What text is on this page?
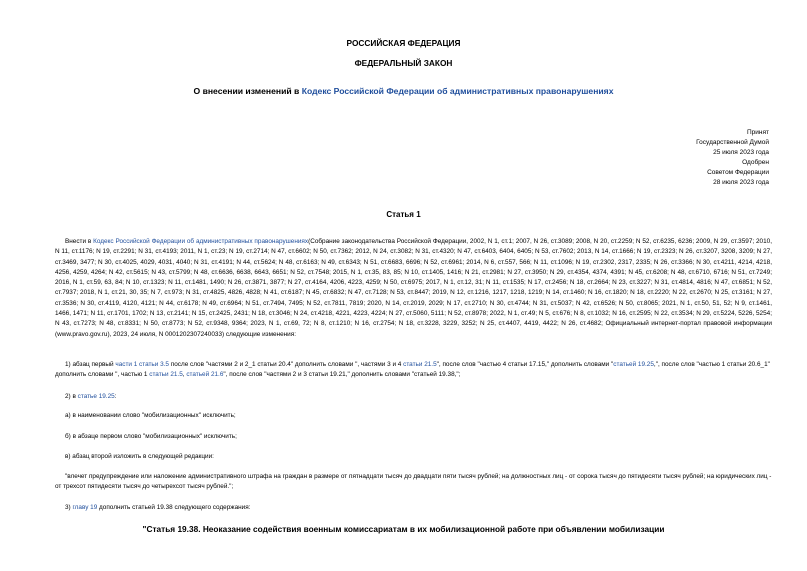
РОССИЙСКАЯ ФЕДЕРАЦИЯ
ФЕДЕРАЛЬНЫЙ ЗАКОН
О внесении изменений в Кодекс Российской Федерации об административных правонарушениях
Принят
Государственной Думой
25 июля 2023 года
Одобрен
Советом Федерации
28 июля 2023 года
Статья 1
Внести в Кодекс Российской Федерации об административных правонарушениях(Собрание законодательства Российской Федерации, 2002, N 1, ст.1; 2007, N 26, ст.3089; 2008, N 20, ст.2259; N 52, ст.6235, 6236; 2009, N 29, ст.3597; 2010, N 11, ст.1176; N 19, ст.2291; N 31, ст.4193; 2011, N 1, ст.23; N 19, ст.2714; N 47, ст.6602; N 50, ст.7362; 2012, N 24, ст.3082; N 31, ст.4320; N 47, ст.6403, 6404, 6405; N 53, ст.7602; 2013, N 14, ст.1666; N 19, ст.2323; N 26, ст.3207, 3208, 3209; N 27, ст.3469, 3477; N 30, ст.4025, 4029, 4031, 4040; N 31, ст.4191; N 44, ст.5624; N 48, ст.6163; N 49, ст.6343; N 51, ст.6683, 6696; N 52, ст.6961; 2014, N 6, ст.557, 566; N 11, ст.1096; N 19, ст.2302, 2317, 2335; N 26, ст.3366; N 30, ст.4211, 4214, 4218, 4256, 4259, 4264; N 42, ст.5615; N 43, ст.5799; N 48, ст.6636, 6638, 6643, 6651; N 52, ст.7548; 2015, N 1, ст.35, 83, 85; N 10, ст.1405, 1416; N 21, ст.2981; N 27, ст.3950; N 29, ст.4354, 4374, 4391; N 45, ст.6208; N 48, ст.6710, 6716; N 51, ст.7249; 2016, N 1, ст.59, 63, 84; N 10, ст.1323; N 11, ст.1481, 1490; N 26, ст.3871, 3877; N 27, ст.4164, 4206, 4223, 4259; N 50, ст.6975; 2017, N 1, ст.12, 31; N 11, ст.1535; N 17, ст.2456; N 18, ст.2664; N 23, ст.3227; N 31, ст.4814, 4816; N 47, ст.6851; N 52, ст.7937; 2018, N 1, ст.21, 30, 35; N 7, ст.973; N 31, ст.4825, 4826, 4828; N 41, ст.6187; N 45, ст.6832; N 47, ст.7128; N 53, ст.8447; 2019, N 12, ст.1216, 1217, 1218, 1219; N 14, ст.1460; N 16, ст.1820; N 18, ст.2220; N 22, ст.2670; N 25, ст.3161; N 27, ст.3536; N 30, ст.4119, 4120, 4121; N 44, ст.6178; N 49, ст.6964; N 51, ст.7494, 7495; N 52, ст.7811, 7819; 2020, N 14, ст.2019, 2029; N 17, ст.2710; N 30, ст.4744; N 31, ст.5037; N 42, ст.6526; N 50, ст.8065; 2021, N 1, ст.50, 51, 52; N 9, ст.1461, 1466, 1471; N 11, ст.1701, 1702; N 13, ст.2141; N 15, ст.2425, 2431; N 18, ст.3046; N 24, ст.4218, 4221, 4223, 4224; N 27, ст.5060, 5111; N 52, ст.8978; 2022, N 1, ст.49; N 5, ст.676; N 8, ст.1032; N 16, ст.2595; N 22, ст.3534; N 29, ст.5224, 5226, 5254; N 43, ст.7273; N 48, ст.8331; N 50, ст.8773; N 52, ст.9348, 9364; 2023, N 1, ст.69, 72; N 8, ст.1210; N 16, ст.2754; N 18, ст.3228, 3229, 3252; N 25, ст.4407, 4419, 4422; N 26, ст.4682; Официальный интернет-портал правовой информации (www.pravo.gov.ru), 2023, 24 июля, N 0001202307240033) следующие изменения:
1) абзац первый части 1 статьи 3.5 после слов "частями 2 и 2_1 статьи 20.4" дополнить словами ", частями 3 и 4 статьи 21.5", после слов "частью 4 статьи 17.15," дополнить словами "статьей 19.25,", после слов "частью 1 статьи 20.6_1" дополнить словами ", частью 1 статьи 21.5, статьей 21.6", после слов "частями 2 и 3 статьи 19.21," дополнить словами "статьей 19.38,";
2) в статье 19.25:
а) в наименовании слово "мобилизационных" исключить;
б) в абзаце первом слово "мобилизационных" исключить;
в) абзац второй изложить в следующей редакции:
"влечет предупреждение или наложение административного штрафа на граждан в размере от пятнадцати тысяч до двадцати пяти тысяч рублей; на должностных лиц - от сорока тысяч до пятидесяти тысяч рублей; на юридических лиц - от трехсот пятидесяти тысяч до четырехсот тысяч рублей.";
3) главу 19 дополнить статьей 19.38 следующего содержания:
"Статья 19.38. Неоказание содействия военным комиссариатам в их мобилизационной работе при объявлении мобилизации
